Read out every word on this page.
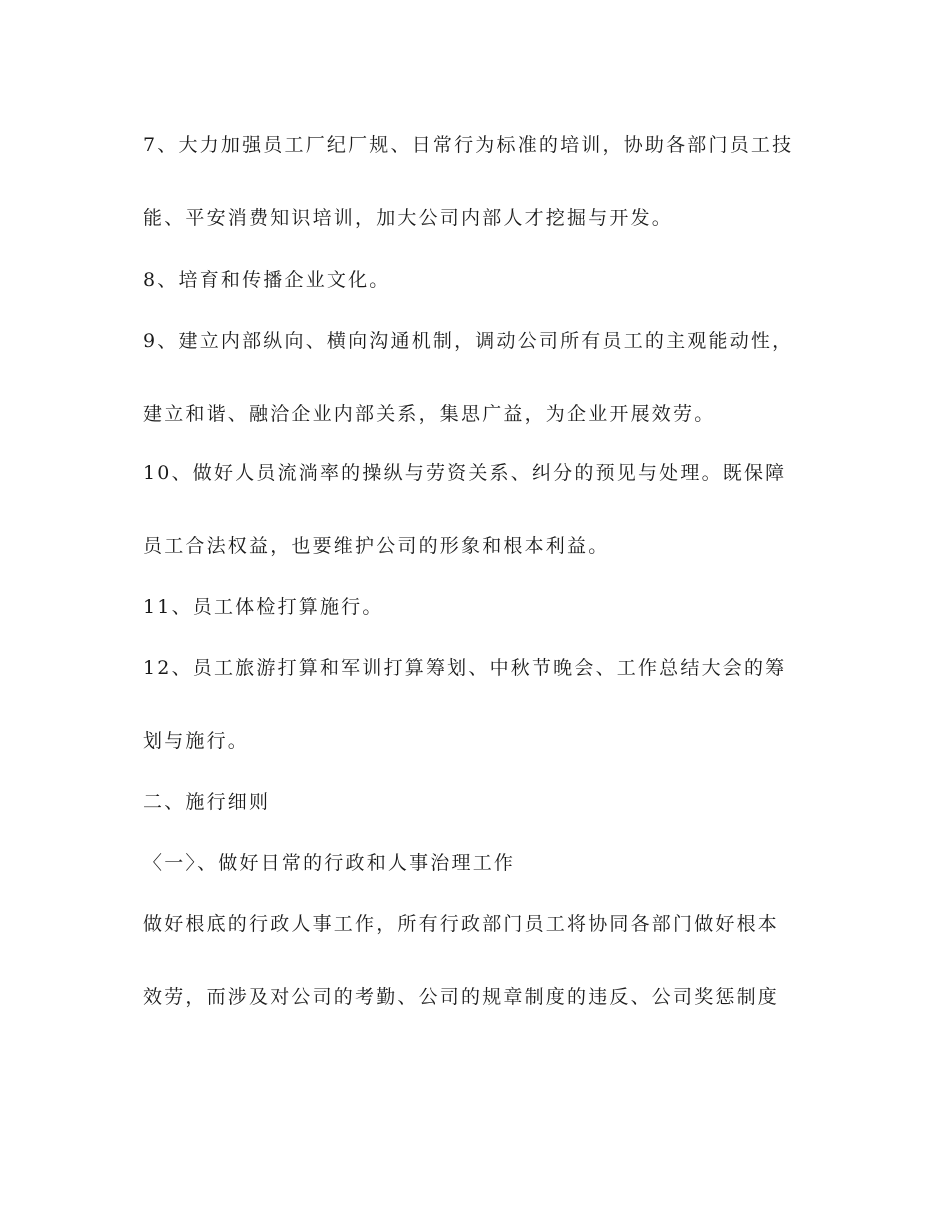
7、大力加强员工厂纪厂规、日常行为标准的培训，协助各部门员工技
能、平安消费知识培训，加大公司内部人才挖掘与开发。
8、培育和传播企业文化。
9、建立内部纵向、横向沟通机制，调动公司所有员工的主观能动性，
建立和谐、融洽企业内部关系，集思广益，为企业开展效劳。
10、做好人员流淌率的操纵与劳资关系、纠分的预见与处理。既保障
员工合法权益，也要维护公司的形象和根本利益。
11、员工体检打算施行。
12、员工旅游打算和军训打算筹划、中秋节晚会、工作总结大会的筹
划与施行。
二、施行细则
〈一〉、做好日常的行政和人事治理工作
做好根底的行政人事工作，所有行政部门员工将协同各部门做好根本
效劳，而涉及对公司的考勤、公司的规章制度的违反、公司奖惩制度
